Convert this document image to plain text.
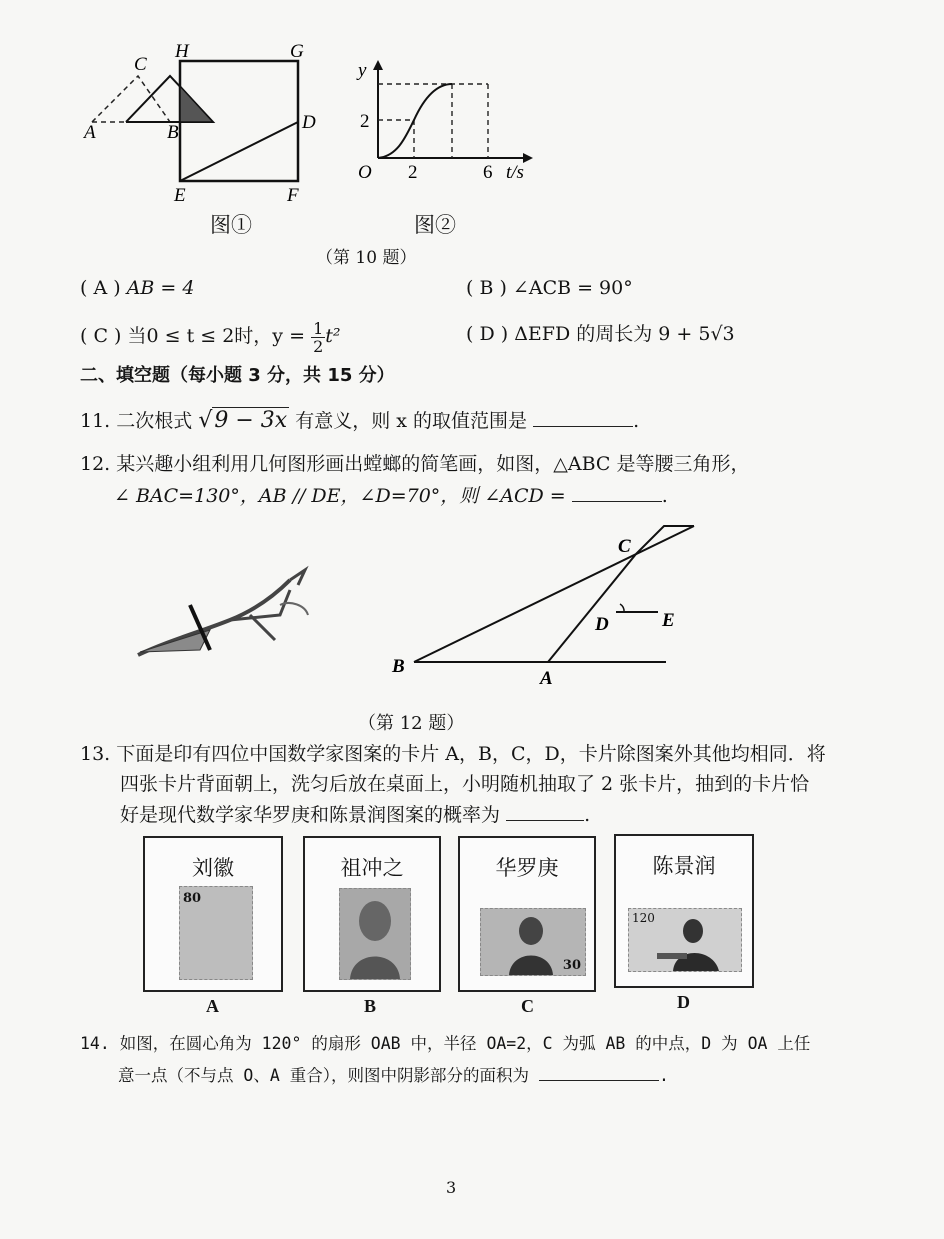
C
H	G
D
A	B
E	F
y
2
O 2	6 t/s
图①	图②
（第 10 题）
( A ) AB = 4	( B ) ∠ACB = 90°
( C ) 当0 ≤ t ≤ 2时，$y = \frac{1}{2} t^2$	( D ) ΔEFD 的周长为 9 + 5√3
二、填空题（每小题 3 分，共 15 分）
11. 二次根式 √9 − 3x 有意义，则 x 的取值范围是	.
12. 某兴趣小组利用几何图形画出螳螂的简笔画，如图，△ABC 是等腰三角形，
∠ BAC=130°，AB // DE，∠D=70°，则 ∠ACD =	.
C
D	E
B
A
（第 12 题）
13. 下面是印有四位中国数学家图案的卡片 A，B，C，D，卡片除图案外其他均相同．将
四张卡片背面朝上，洗匀后放在桌面上，小明随机抽取了 2 张卡片，抽到的卡片恰
好是现代数学家华罗庚和陈景润图案的概率为	.
刘徽
80
A
祖冲之
B
华罗庚
30
C
陈景润
120
D
14. 如图，在圆心角为 120° 的扇形 OAB 中，半径 OA=2，C 为弧 AB 的中点，D 为 OA 上任
意一点（不与点 O、A 重合），则图中阴影部分的面积为	.
3
